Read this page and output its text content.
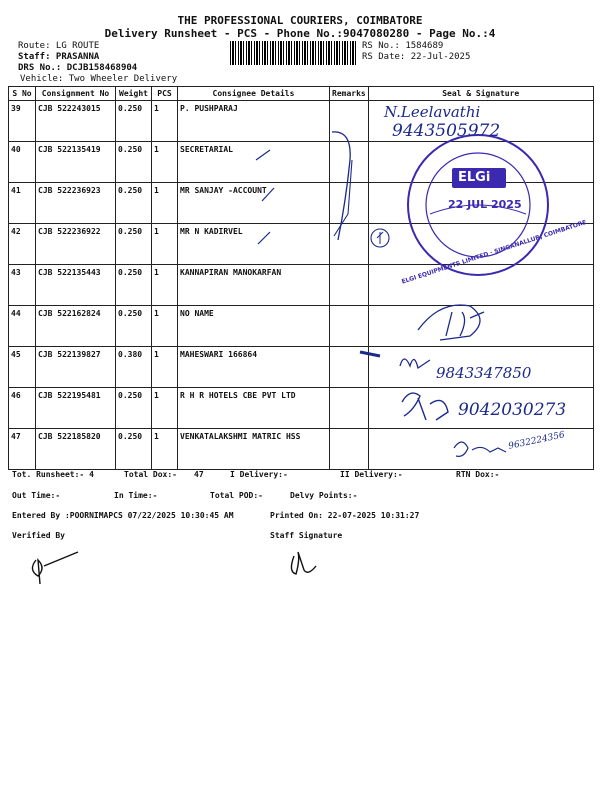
THE PROFESSIONAL COURIERS, COIMBATORE
Delivery Runsheet - PCS - Phone No.:9047080280 - Page No.:4
Route: LG ROUTE
Staff: PRASANNA
DRS No.: DCJB158468904
Vehicle: Two Wheeler Delivery
RS No.: 1584689
RS Date: 22-Jul-2025
S No	Consignment No	Weight	PCS	Consignee Details	Remarks	Seal & Signature
39	CJB 522243015	0.250	1	P. PUSHPARAJ		
40	CJB 522135419	0.250	1	SECRETARIAL		
41	CJB 522236923	0.250	1	MR SANJAY -ACCOUNT		
42	CJB 522236922	0.250	1	MR N KADIRVEL		
43	CJB 522135443	0.250	1	KANNAPIRAN MANOKARFAN		
44	CJB 522162824	0.250	1	NO NAME		
45	CJB 522139827	0.380	1	MAHESWARI 166864		
46	CJB 522195481	0.250	1	R H R HOTELS CBE PVT LTD		
47	CJB 522185820	0.250	1	VENKATALAKSHMI MATRIC HSS		
ELGi
ELGI EQUIPMENTS LIMITED · SINGANALLUR, COIMBATORE
22 JUL 2025
N.Leelavathi
9443505972
9843347850
9042030273
9632224356
Tot. Runsheet:- 4	Total Dox:- 47	I Delivery:-	II Delivery:-	RTN Dox:-
Out Time:-	In Time:-	Total POD:-	Delvy Points:-
Entered By :POORNIMAPCS 07/22/2025 10:30:45 AM	Printed On: 22-07-2025 10:31:27
Verified By	Staff Signature
